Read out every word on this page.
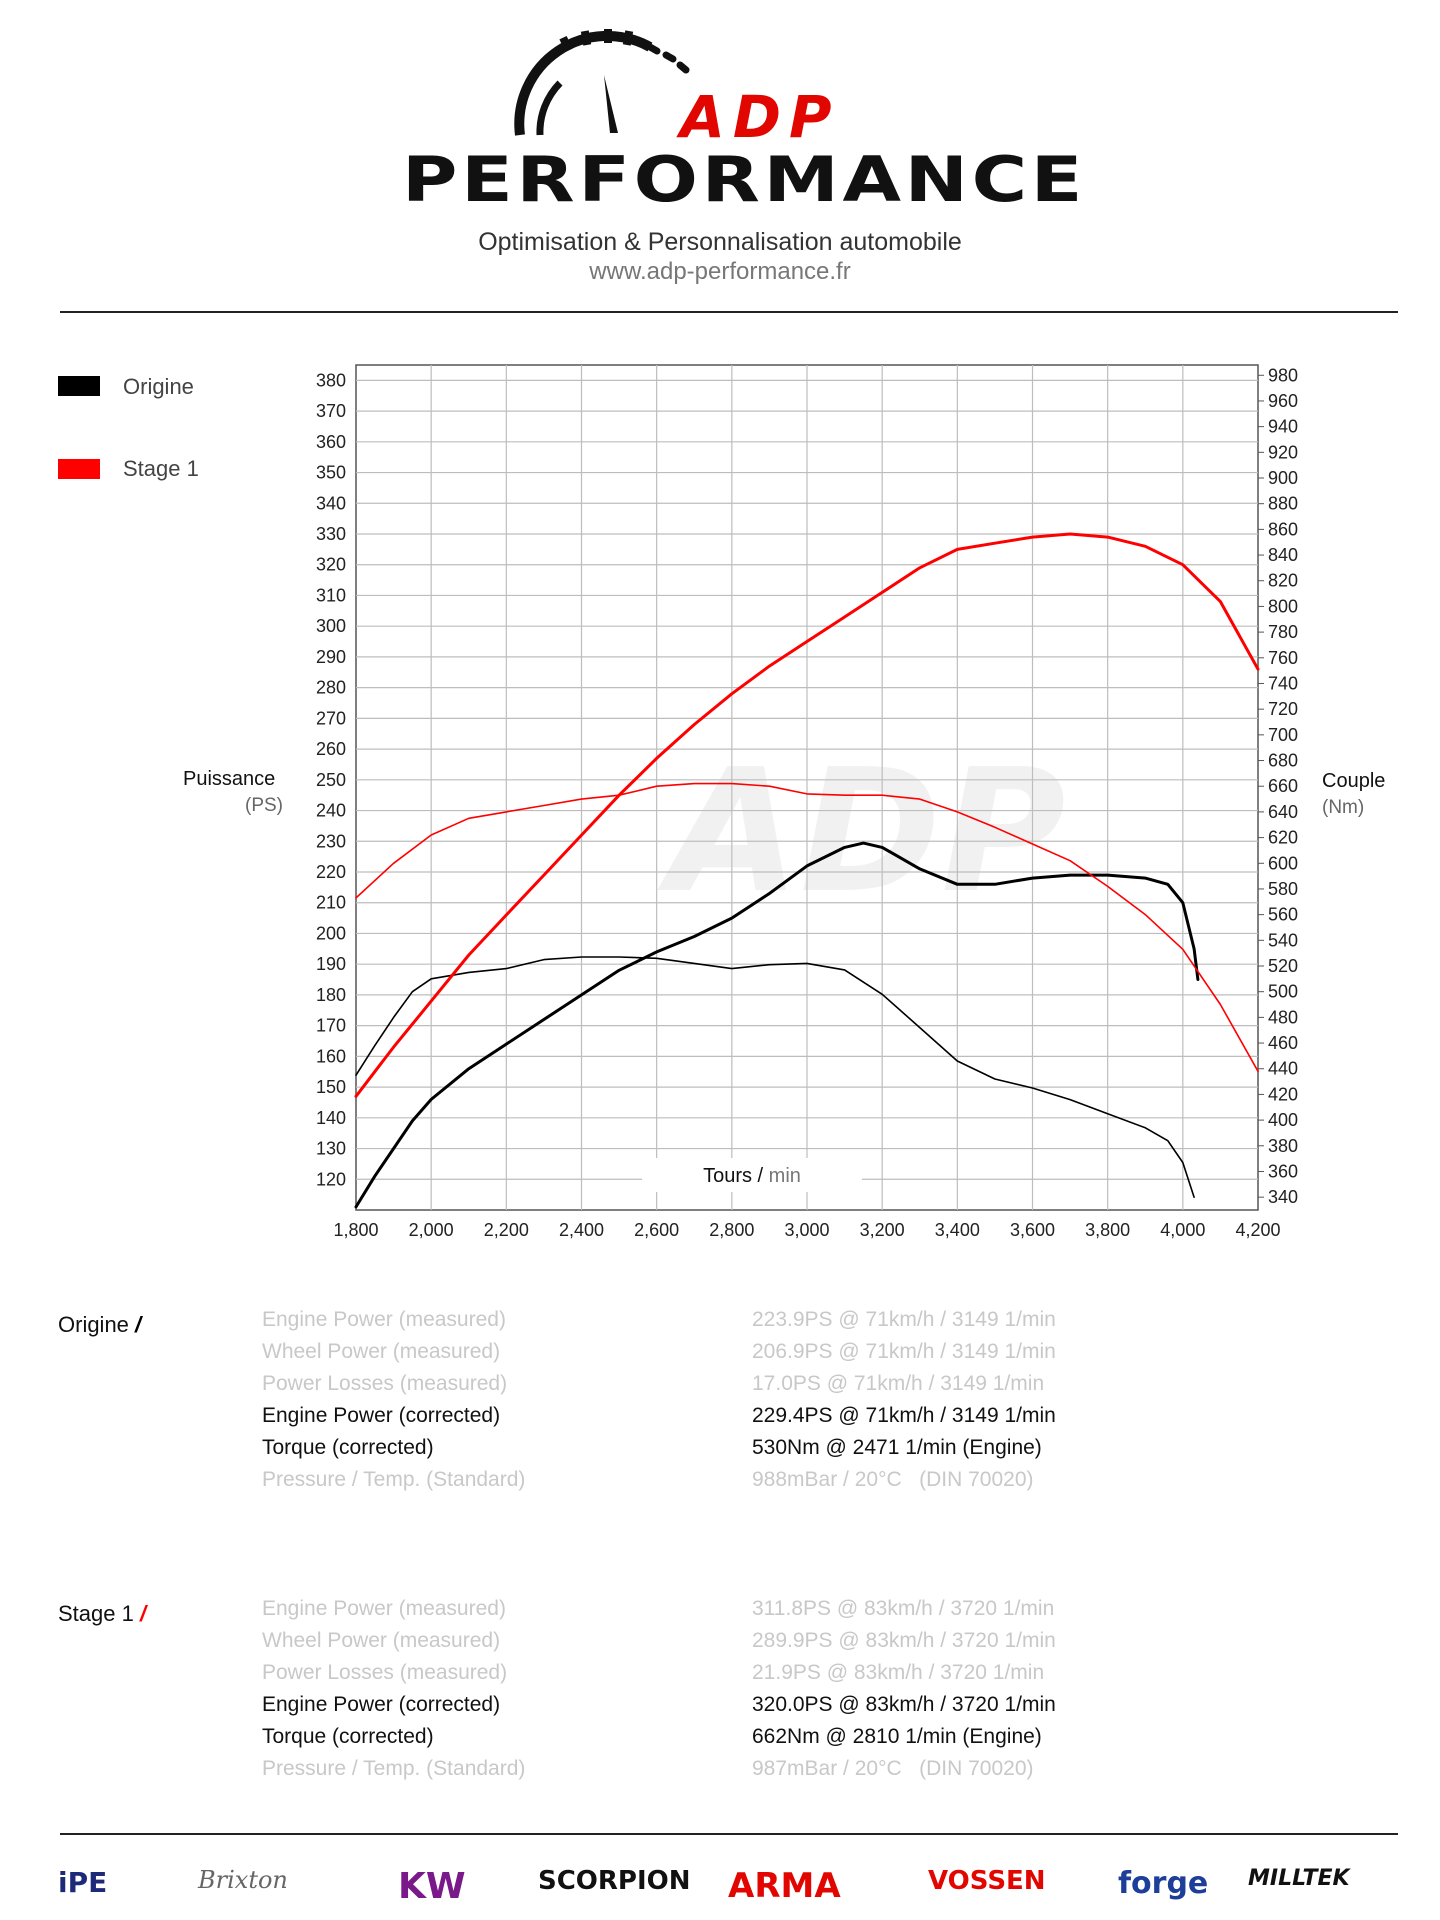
ADP
PERFORMANCE
Optimisation & Personnalisation automobile
www.adp-performance.fr
Origine
Stage 1
Puissance
(PS)
Couple
(Nm)
ADP
1,800 2,000 2,200 2,400 2,600 2,800 3,000 3,200 3,400 3,600 3,800 4,000 4,200
380
370
360
350
340
330
320
310
300
290
280
270
260
250
240
230
220
210
200
190
180
170
160
150
140
130
120
980
960
940
920
900
880
860
840
820
800
780
760
740
720
700
680
660
640
620
600
580
560
540
520
500
480
460
440
420
400
380
360
340
Tours / min
Origine /	Engine Power (measured)	223.9PS @ 71km/h / 3149 1/min
Wheel Power (measured)	206.9PS @ 71km/h / 3149 1/min
Power Losses (measured)	17.0PS @ 71km/h / 3149 1/min
Engine Power (corrected)	229.4PS @ 71km/h / 3149 1/min
Torque (corrected)	530Nm @ 2471 1/min (Engine)
Pressure / Temp. (Standard)	988mBar / 20°C   (DIN 70020)
Stage 1 /	Engine Power (measured)	311.8PS @ 83km/h / 3720 1/min
Wheel Power (measured)	289.9PS @ 83km/h / 3720 1/min
Power Losses (measured)	21.9PS @ 83km/h / 3720 1/min
Engine Power (corrected)	320.0PS @ 83km/h / 3720 1/min
Torque (corrected)	662Nm @ 2810 1/min (Engine)
Pressure / Temp. (Standard)	987mBar / 20°C   (DIN 70020)
iPE	Brixton	KW	SCORPION ARMA	VOSSEN forge MILLTEK
